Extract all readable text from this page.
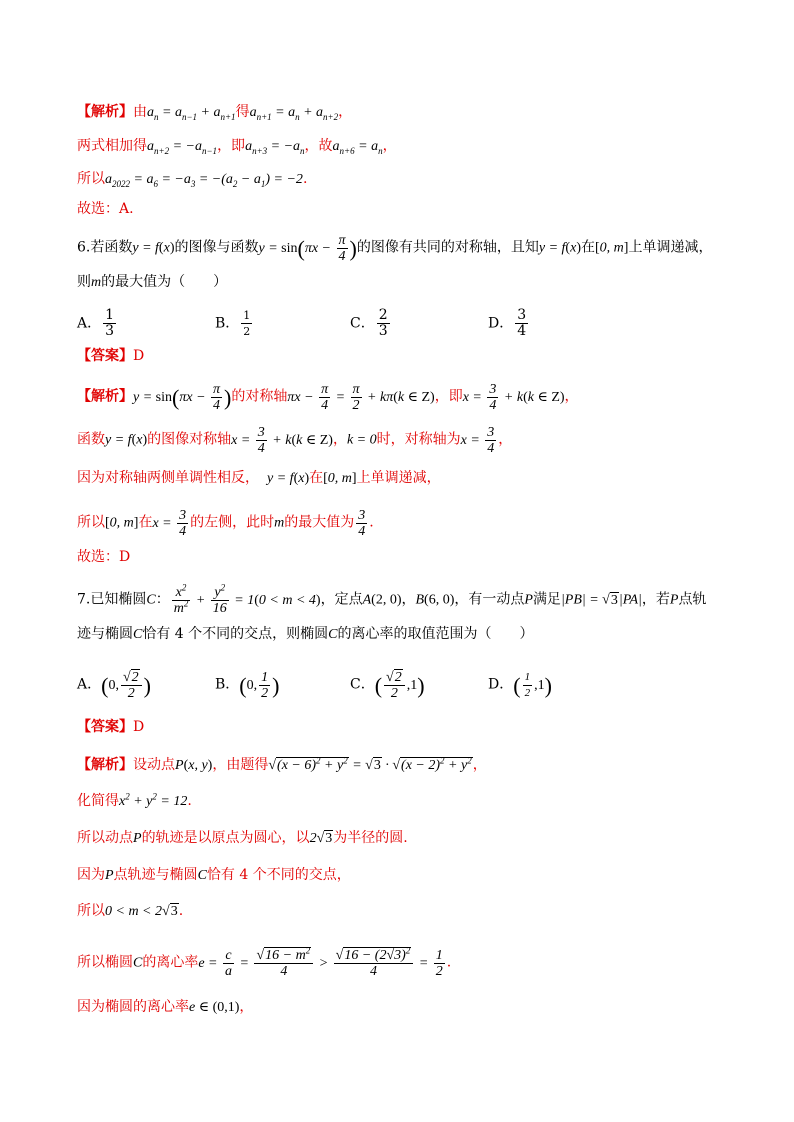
【解析】由$a_n = a_{n-1} + a_{n+1}$得$a_{n+1} = a_n + a_{n+2}$，
两式相加得$a_{n+2} = -a_{n-1}$，即$a_{n+3} = -a_n$，故$a_{n+6} = a_n$，
所以$a_{2022} = a_6 = -a_3 = -(a_2 - a_1) = -2$.
故选：A.
6.若函数y = f(x)的图像与函数$y = \sin(\pi x - \frac{\pi}{4}$ )的图像有共同的对称轴，且知y = f(x)在[0, m]上单调递减，
则m的最大值为（　　）
A． $\frac{1}{3}$	B． $\frac{1}{2}$	C． $\frac{2}{3}$	D． $\frac{3}{4}$
【答案】D
【解析】$y = \sin(\pi x - \frac{\pi}{4}$ )的对称轴$\pi x - \frac{\pi}{4} = \frac{\pi}{2} + k\pi(k$ ∈ Z)，即$x = \frac{3}{4} + k(k$ ∈ Z)，
函数y = f(x)的图像对称轴$x = \frac{3}{4} + k(k$ ∈ Z)，k = 0时，对称轴为$x = \frac{3}{4}$ ，
因为对称轴两侧单调性相反， y = f(x)在[0, m]上单调递减，
所以[0, m]在$x = \frac{3}{4}$ 的左侧，此时m的最大值为 $\frac{3}{4}$ .
故选：D
7.已知椭圆C： $\frac{x^2}{m^2} + \frac{y^2}{16} = 1(0 < m < 4)$，定点A(2, 0)，B(6, 0)，有一动点P满足|PB| = √3|PA|，若P点轨
迹与椭圆C恰有 4 个不同的交点，则椭圆C的离心率的取值范围为（　　）
A．(0, $\frac{√2}{2}$ )	B．(0, $\frac{1}{2}$ )	C．( $\frac{√2}{2} ,1$)	D．( $\frac{1}{2} ,1$)
【答案】D
【解析】设动点P(x, y)，由题得$√(x - 6)^2 + y^2 = √3 \cdot √(x - 2)^2 + y^2$，
化简得$x^2 + y^2 = 12$.
所以动点P的轨迹是以原点为圆心，以2√3为半径的圆.
因为P点轨迹与椭圆C恰有 4 个不同的交点，
所以0 < m < 2√3.
所以椭圆C的离心率$e = \frac{c}{a} = \frac{√16 - m^2}{4} > \frac{√16 - (2√3)^2}{4} = \frac{1}{2}$ .
因为椭圆的离心率e ∈ (0,1)，
